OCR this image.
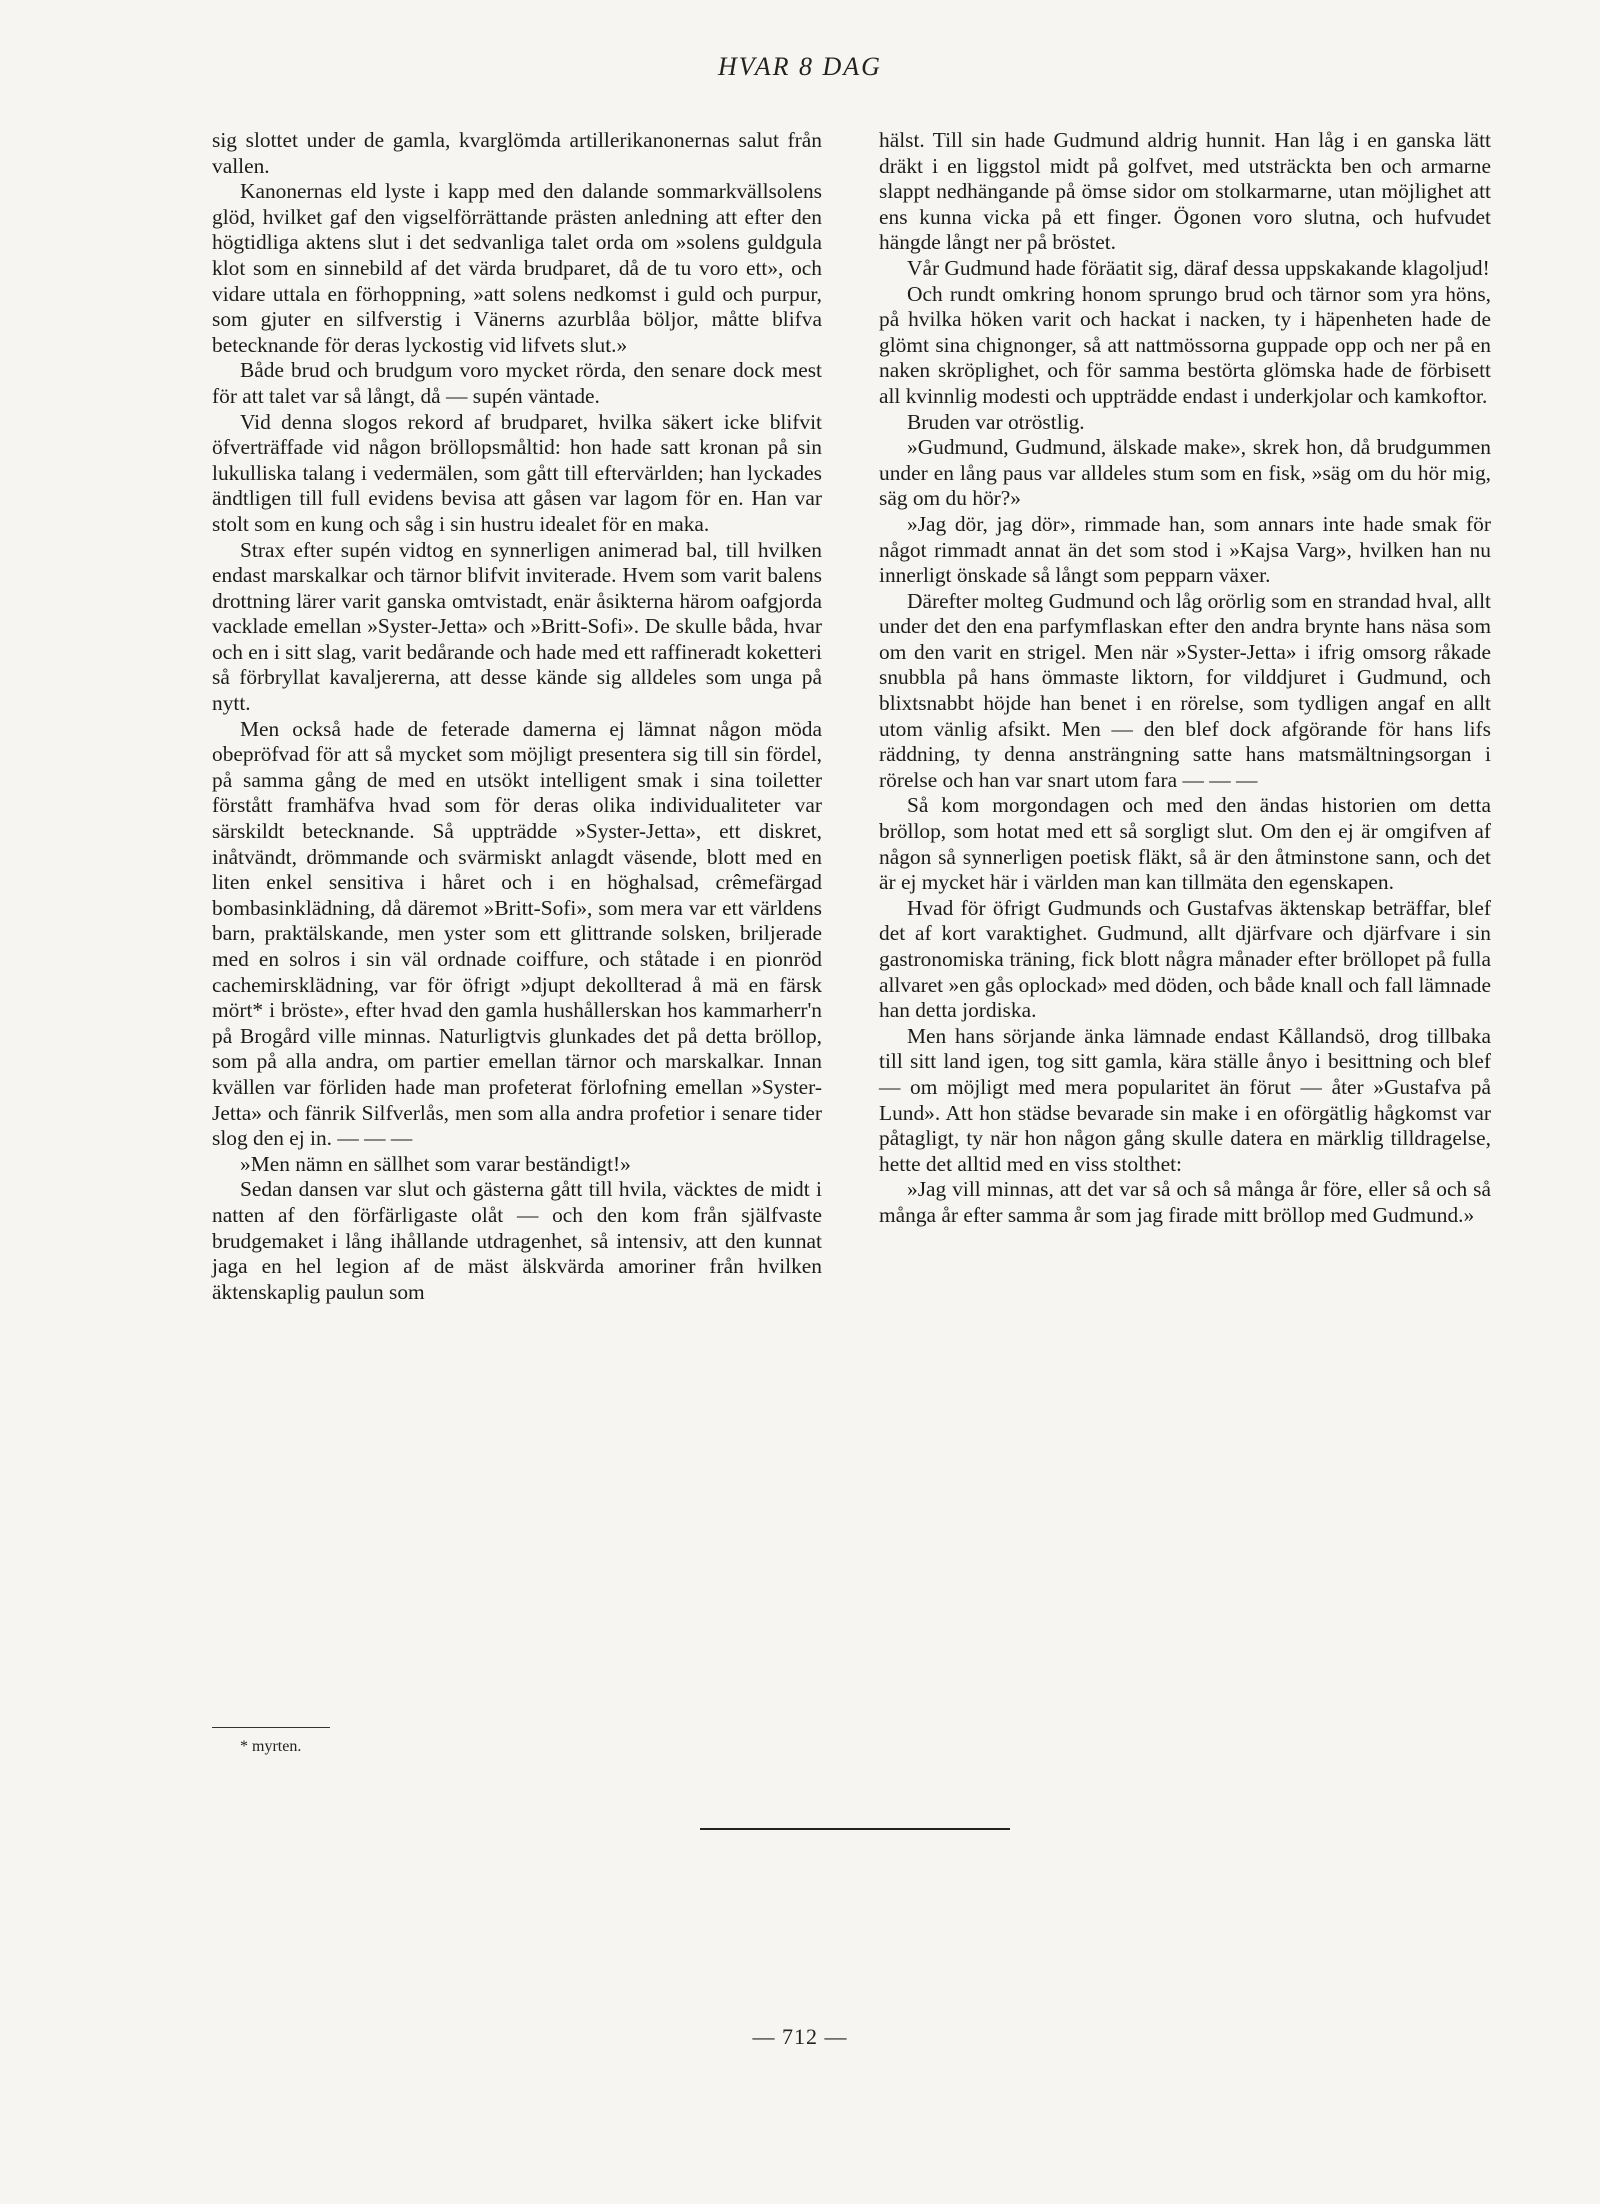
HVAR 8 DAG

sig slottet under de gamla, kvarglömda artillerikanonernas salut från vallen.

Kanonernas eld lyste i kapp med den dalande sommarkvällsolens glöd, hvilket gaf den vigselförrättande prästen anledning att efter den högtidliga aktens slut i det sedvanliga talet orda om »solens guldgula klot som en sinnebild af det värda brudparet, då de tu voro ett», och vidare uttala en förhoppning, »att solens nedkomst i guld och purpur, som gjuter en silfverstig i Vänerns azurblåa böljor, måtte blifva betecknande för deras lyckostig vid lifvets slut.»

Både brud och brudgum voro mycket rörda, den senare dock mest för att talet var så långt, då — supén väntade.

Vid denna slogos rekord af brudparet, hvilka säkert icke blifvit öfverträffade vid någon bröllopsmåltid: hon hade satt kronan på sin lukulliska talang i vedermälen, som gått till eftervärlden; han lyckades ändtligen till full evidens bevisa att gåsen var lagom för en. Han var stolt som en kung och såg i sin hustru idealet för en maka.

Strax efter supén vidtog en synnerligen animerad bal, till hvilken endast marskalkar och tärnor blifvit inviterade. Hvem som varit balens drottning lärer varit ganska omtvistadt, enär åsikterna härom oafgjorda vacklade emellan »Syster-Jetta» och »Britt-Sofi». De skulle båda, hvar och en i sitt slag, varit bedårande och hade med ett raffineradt koketteri så förbryllat kavaljererna, att desse kände sig alldeles som unga på nytt.

Men också hade de feterade damerna ej lämnat någon möda obepröfvad för att så mycket som möjligt presentera sig till sin fördel, på samma gång de med en utsökt intelligent smak i sina toiletter förstått framhäfva hvad som för deras olika individualiteter var särskildt betecknande. Så uppträdde »Syster-Jetta», ett diskret, inåtvändt, drömmande och svärmiskt anlagdt väsende, blott med en liten enkel sensitiva i håret och i en höghalsad, crêmefärgad bombasinklädning, då däremot »Britt-Sofi», som mera var ett världens barn, praktälskande, men yster som ett glittrande solsken, briljerade med en solros i sin väl ordnade coiffure, och ståtade i en pionröd cachemirsklädning, var för öfrigt »djupt dekollterad å mä en färsk mört* i bröste», efter hvad den gamla hushållerskan hos kammarherr'n på Brogård ville minnas. Naturligtvis glunkades det på detta bröllop, som på alla andra, om partier emellan tärnor och marskalkar. Innan kvällen var förliden hade man profeterat förlofning emellan »Syster-Jetta» och fänrik Silfverlås, men som alla andra profetior i senare tider slog den ej in. — — —

»Men nämn en sällhet som varar beständigt!»

Sedan dansen var slut och gästerna gått till hvila, väcktes de midt i natten af den förfärligaste olåt — och den kom från själfvaste brudgemaket i lång ihållande utdragenhet, så intensiv, att den kunnat jaga en hel legion af de mäst älskvärda amoriner från hvilken äktenskaplig paulun som

hälst. Till sin hade Gudmund aldrig hunnit. Han låg i en ganska lätt dräkt i en liggstol midt på golfvet, med utsträckta ben och armarne slappt nedhängande på ömse sidor om stolkarmarne, utan möjlighet att ens kunna vicka på ett finger. Ögonen voro slutna, och hufvudet hängde långt ner på bröstet.

Vår Gudmund hade föräatit sig, däraf dessa uppskakande klagoljud!

Och rundt omkring honom sprungo brud och tärnor som yra höns, på hvilka höken varit och hackat i nacken, ty i häpenheten hade de glömt sina chignonger, så att nattmössorna guppade opp och ner på en naken skröplighet, och för samma bestörta glömska hade de förbisett all kvinnlig modesti och uppträdde endast i underkjolar och kamkoftor.

Bruden var otröstlig.

»Gudmund, Gudmund, älskade make», skrek hon, då brudgummen under en lång paus var alldeles stum som en fisk, »säg om du hör mig, säg om du hör?»

»Jag dör, jag dör», rimmade han, som annars inte hade smak för något rimmadt annat än det som stod i »Kajsa Varg», hvilken han nu innerligt önskade så långt som pepparn växer.

Därefter molteg Gudmund och låg orörlig som en strandad hval, allt under det den ena parfymflaskan efter den andra brynte hans näsa som om den varit en strigel. Men när »Syster-Jetta» i ifrig omsorg råkade snubbla på hans ömmaste liktorn, for vilddjuret i Gudmund, och blixtsnabbt höjde han benet i en rörelse, som tydligen angaf en allt utom vänlig afsikt. Men — den blef dock afgörande för hans lifs räddning, ty denna ansträngning satte hans matsmältningsorgan i rörelse och han var snart utom fara — — —

Så kom morgondagen och med den ändas historien om detta bröllop, som hotat med ett så sorgligt slut. Om den ej är omgifven af någon så synnerligen poetisk fläkt, så är den åtminstone sann, och det är ej mycket här i världen man kan tillmäta den egenskapen.

Hvad för öfrigt Gudmunds och Gustafvas äktenskap beträffar, blef det af kort varaktighet. Gudmund, allt djärfvare och djärfvare i sin gastronomiska träning, fick blott några månader efter bröllopet på fulla allvaret »en gås oplockad» med döden, och både knall och fall lämnade han detta jordiska.

Men hans sörjande änka lämnade endast Kållandsö, drog tillbaka till sitt land igen, tog sitt gamla, kära ställe ånyo i besittning och blef — om möjligt med mera popularitet än förut — åter »Gustafva på Lund». Att hon städse bevarade sin make i en oförgätlig hågkomst var påtagligt, ty när hon någon gång skulle datera en märklig tilldragelse, hette det alltid med en viss stolthet:

»Jag vill minnas, att det var så och så många år före, eller så och så många år efter samma år som jag firade mitt bröllop med Gudmund.»

* myrten.
— 712 —
